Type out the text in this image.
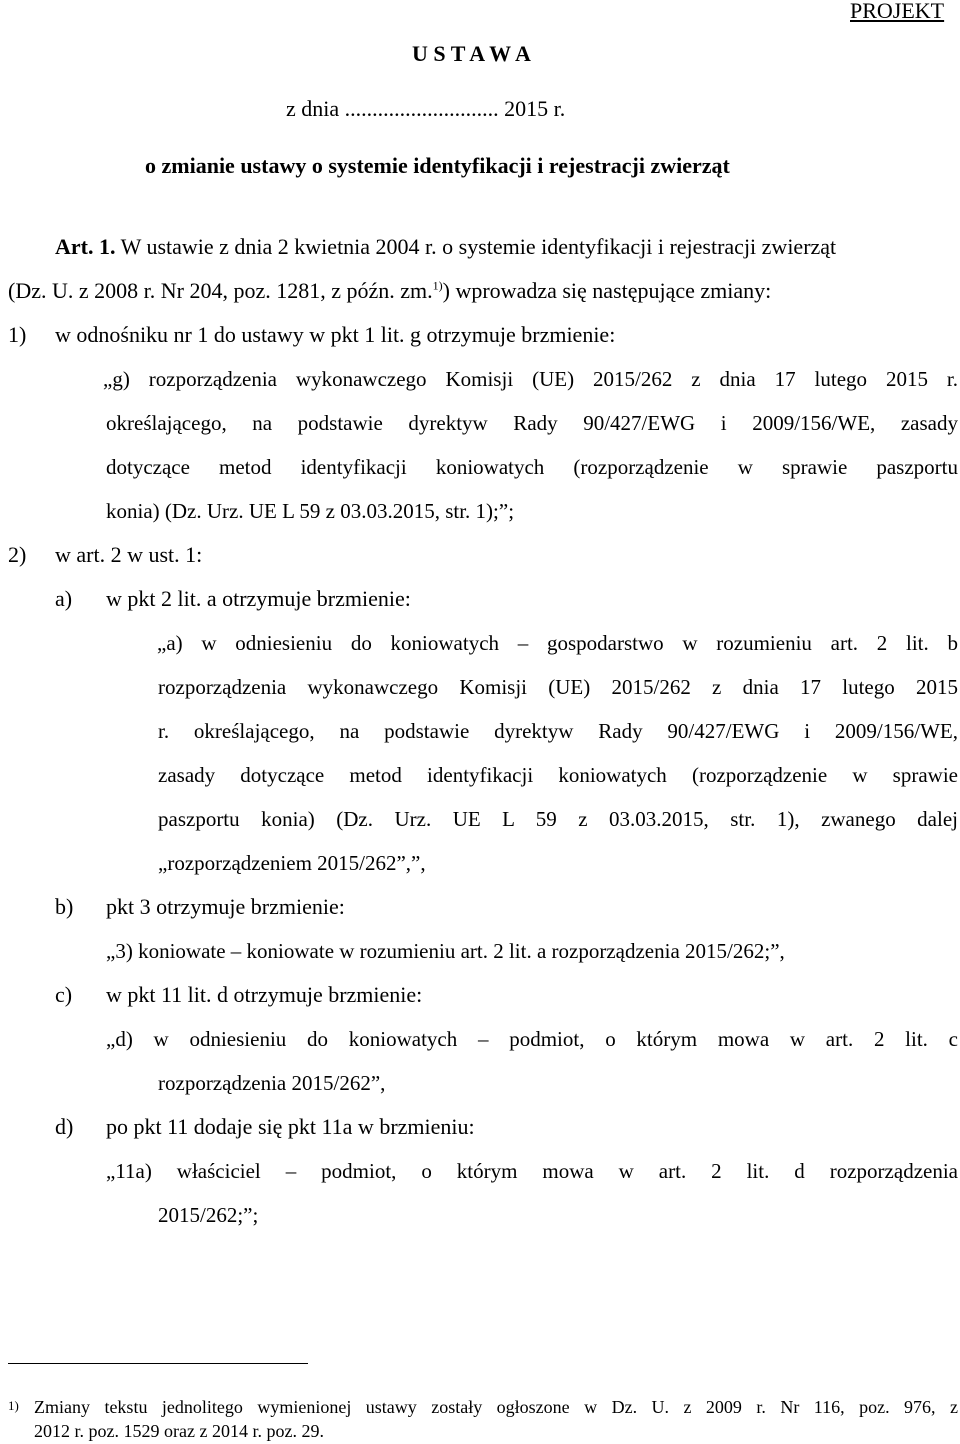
PROJEKT
U S T A W A
z dnia ............................ 2015 r.
o zmianie ustawy o systemie identyfikacji i rejestracji zwierząt
Art. 1. W ustawie z dnia 2 kwietnia 2004 r. o systemie identyfikacji i rejestracji zwierząt
(Dz. U. z 2008 r. Nr 204, poz. 1281, z późn. zm.$^{1)}$) wprowadza się następujące zmiany:
1) w odnośniku nr 1 do ustawy w pkt 1 lit. g otrzymuje brzmienie:
„g) rozporządzenia wykonawczego Komisji (UE) 2015/262 z dnia 17 lutego 2015 r.
określającego, na podstawie dyrektyw Rady 90/427/EWG i 2009/156/WE, zasady
dotyczące metod identyfikacji koniowatych (rozporządzenie w sprawie paszportu
konia) (Dz. Urz. UE L 59 z 03.03.2015, str. 1);”;
2) w art. 2 w ust. 1:
a) w pkt 2 lit. a otrzymuje brzmienie:
„a) w odniesieniu do koniowatych – gospodarstwo w rozumieniu art. 2 lit. b
rozporządzenia wykonawczego Komisji (UE) 2015/262 z dnia 17 lutego 2015
r. określającego, na podstawie dyrektyw Rady 90/427/EWG i 2009/156/WE,
zasady dotyczące metod identyfikacji koniowatych (rozporządzenie w sprawie
paszportu konia) (Dz. Urz. UE L 59 z 03.03.2015, str. 1), zwanego dalej
„rozporządzeniem 2015/262”,”,
b) pkt 3 otrzymuje brzmienie:
„3) koniowate – koniowate w rozumieniu art. 2 lit. a rozporządzenia 2015/262;”,
c) w pkt 11 lit. d otrzymuje brzmienie:
„d) w odniesieniu do koniowatych – podmiot, o którym mowa w art. 2 lit. c
rozporządzenia 2015/262”,
d) po pkt 11 dodaje się pkt 11a w brzmieniu:
„11a) właściciel – podmiot, o którym mowa w art. 2 lit. d rozporządzenia
2015/262;”;
1) Zmiany tekstu jednolitego wymienionej ustawy zostały ogłoszone w Dz. U. z 2009 r. Nr 116, poz. 976, z
2012 r. poz. 1529 oraz z 2014 r. poz. 29.
